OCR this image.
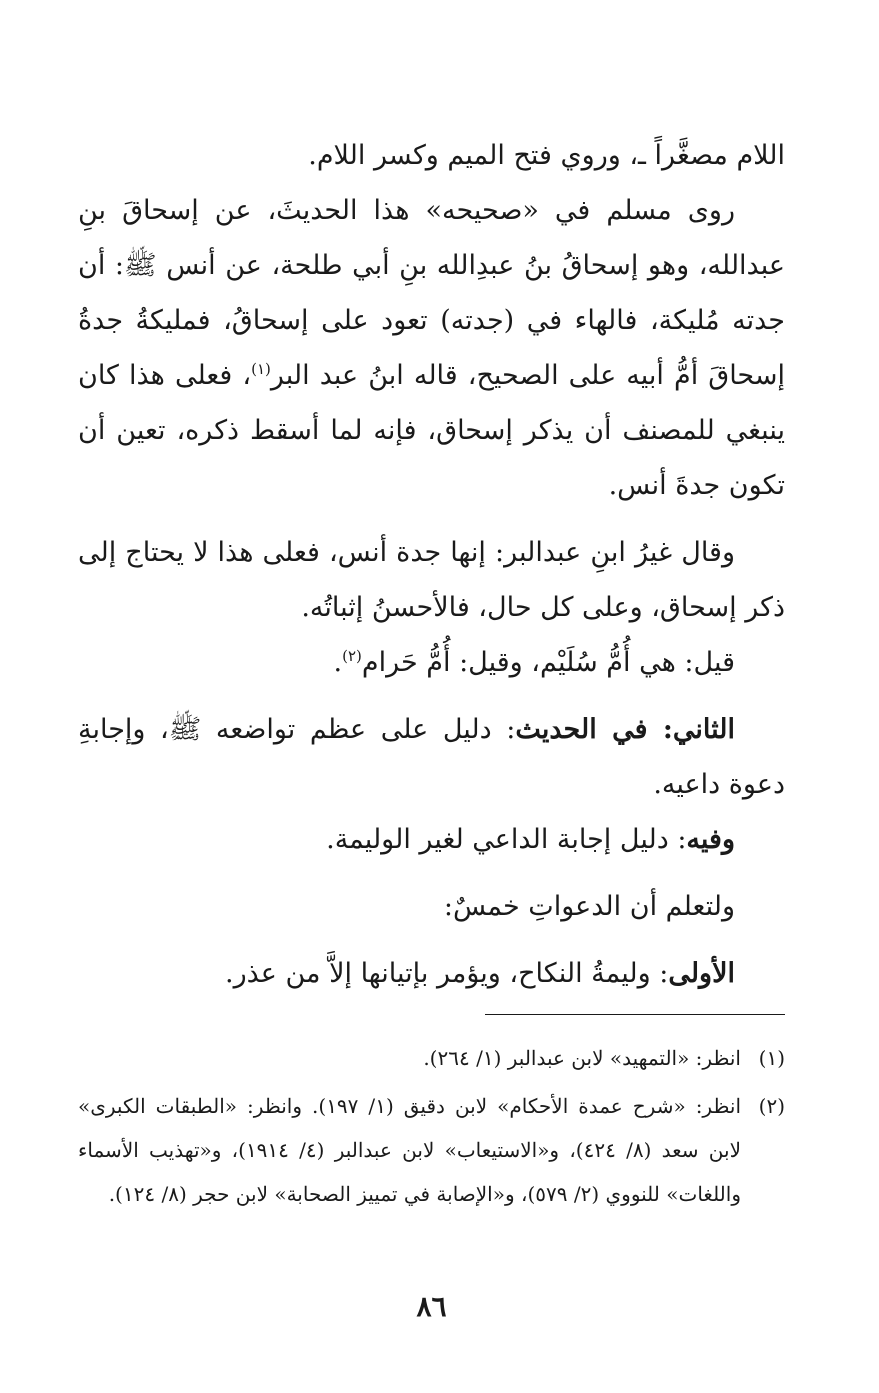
اللام مصغَّراً ـ، وروي فتح الميم وكسر اللام.

روى مسلم في «صحيحه» هذا الحديثَ، عن إسحاقَ بنِ عبدالله، وهو إسحاقُ بنُ عبدِالله بنِ أبي طلحة، عن أنس ﷺ: أن جدته مُليكة، فالهاء في (جدته) تعود على إسحاقُ، فمليكةُ جدةُ إسحاقَ أمُّ أبيه على الصحيح، قاله ابنُ عبد البر$^{(١)}$، فعلى هذا كان ينبغي للمصنف أن يذكر إسحاق، فإنه لما أسقط ذكره، تعين أن تكون جدةَ أنس.

وقال غيرُ ابنِ عبدالبر: إنها جدة أنس، فعلى هذا لا يحتاج إلى ذكر إسحاق، وعلى كل حال، فالأحسنُ إثباتُه.

قيل: هي أُمُّ سُلَيْم، وقيل: أُمُّ حَرام$^{(٢)}$.

الثاني: في الحديث: دليل على عظم تواضعه ﷺ، وإجابةِ دعوة داعيه.

وفيه: دليل إجابة الداعي لغير الوليمة.

ولتعلم أن الدعواتِ خمسٌ:

الأولى: وليمةُ النكاح، ويؤمر بإتيانها إلاَّ من عذر.

(١)
انظر: «التمهيد» لابن عبدالبر (١/ ٢٦٤).
(٢)
انظر: «شرح عمدة الأحكام» لابن دقيق (١/ ١٩٧). وانظر: «الطبقات الكبرى» لابن سعد (٨/ ٤٢٤)، و«الاستيعاب» لابن عبدالبر (٤/ ١٩١٤)، و«تهذيب الأسماء واللغات» للنووي (٢/ ٥٧٩)، و«الإصابة في تمييز الصحابة» لابن حجر (٨/ ١٢٤).
٨٦
